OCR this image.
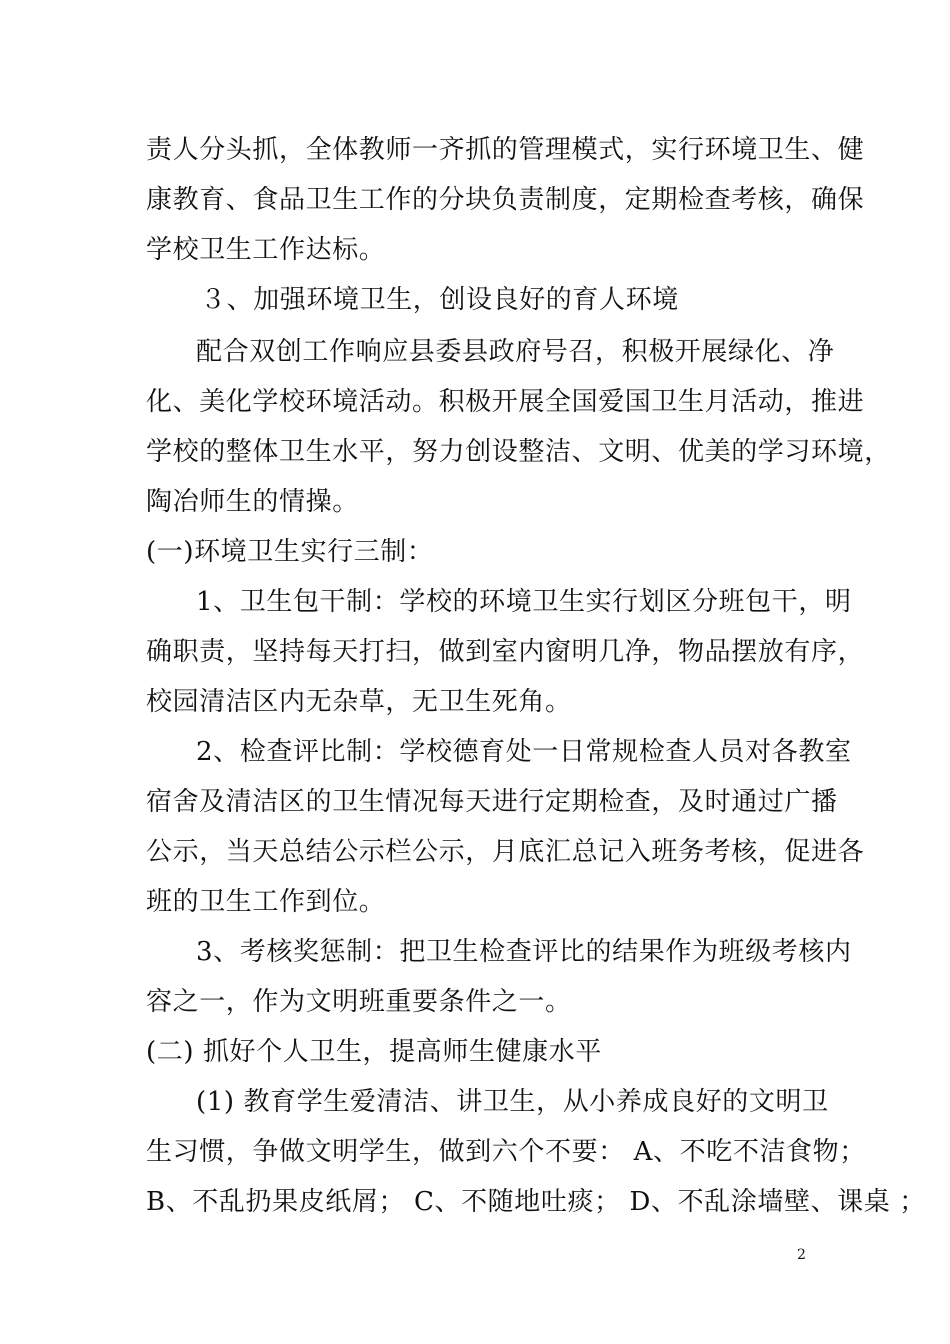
责人分头抓，全体教师一齐抓的管理模式，实行环境卫生、健
康教育、食品卫生工作的分块负责制度，定期检查考核，确保
学校卫生工作达标。
３、加强环境卫生，创设良好的育人环境
配合双创工作响应县委县政府号召，积极开展绿化、净
化、美化学校环境活动。积极开展全国爱国卫生月活动，推进
学校的整体卫生水平，努力创设整洁、文明、优美的学习环境，
陶冶师生的情操。
(一)环境卫生实行三制：
1、卫生包干制：学校的环境卫生实行划区分班包干，明
确职责，坚持每天打扫，做到室内窗明几净，物品摆放有序，
校园清洁区内无杂草，无卫生死角。
2、检查评比制：学校德育处一日常规检查人员对各教室
宿舍及清洁区的卫生情况每天进行定期检查，及时通过广播
公示，当天总结公示栏公示，月底汇总记入班务考核，促进各
班的卫生工作到位。
3、考核奖惩制：把卫生检查评比的结果作为班级考核内
容之一，作为文明班重要条件之一。
(二) 抓好个人卫生，提高师生健康水平
(1) 教育学生爱清洁、讲卫生，从小养成良好的文明卫
生习惯，争做文明学生，做到六个不要： A、不吃不洁食物；
B、不乱扔果皮纸屑； C、不随地吐痰； D、不乱涂墙壁、课桌 ；
2
